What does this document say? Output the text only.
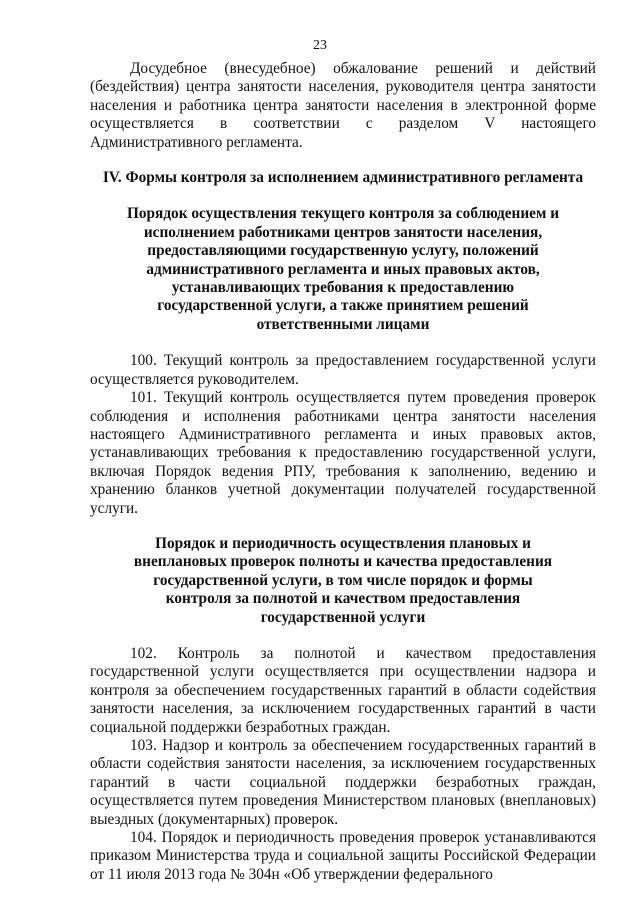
23

Досудебное (внесудебное) обжалование решений и действий (бездействия) центра занятости населения, руководителя центра занятости населения и работника центра занятости населения в электронной форме осуществляется в соответствии с разделом V настоящего Административного регламента.

IV. Формы контроля за исполнением административного регламента
Порядок осуществления текущего контроля за соблюдением и исполнением работниками центров занятости населения, предоставляющими государственную услугу, положений административного регламента и иных правовых актов, устанавливающих требования к предоставлению государственной услуги, а также принятием решений ответственными лицами

100. Текущий контроль за предоставлением государственной услуги осуществляется руководителем.

101. Текущий контроль осуществляется путем проведения проверок соблюдения и исполнения работниками центра занятости населения настоящего Административного регламента и иных правовых актов, устанавливающих требования к предоставлению государственной услуги, включая Порядок ведения РПУ, требования к заполнению, ведению и хранению бланков учетной документации получателей государственной услуги.

Порядок и периодичность осуществления плановых и внеплановых проверок полноты и качества предоставления государственной услуги, в том числе порядок и формы контроля за полнотой и качеством предоставления государственной услуги

102. Контроль за полнотой и качеством предоставления государственной услуги осуществляется при осуществлении надзора и контроля за обеспечением государственных гарантий в области содействия занятости населения, за исключением государственных гарантий в части социальной поддержки безработных граждан.

103. Надзор и контроль за обеспечением государственных гарантий в области содействия занятости населения, за исключением государственных гарантий в части социальной поддержки безработных граждан, осуществляется путем проведения Министерством плановых (внеплановых) выездных (документарных) проверок.

104. Порядок и периодичность проведения проверок устанавливаются приказом Министерства труда и социальной защиты Российской Федерации от 11 июля 2013 года № 304н «Об утверждении федерального
